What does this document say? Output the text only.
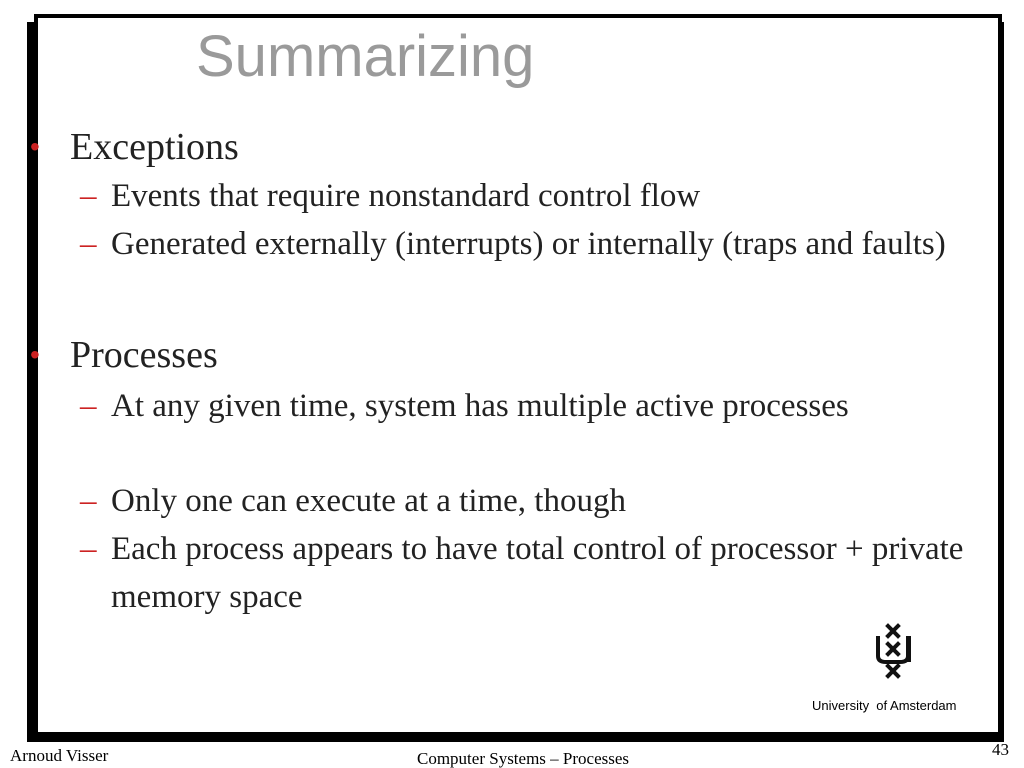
Summarizing
• Exceptions
– Events that require nonstandard control flow
– Generated externally (interrupts) or internally (traps and faults)
• Processes
– At any given time, system has multiple active processes
– Only one can execute at a time, though
– Each process appears to have total control of processor + private memory space
University  of Amsterdam
Arnoud Visser	Computer Systems – Processes	43
